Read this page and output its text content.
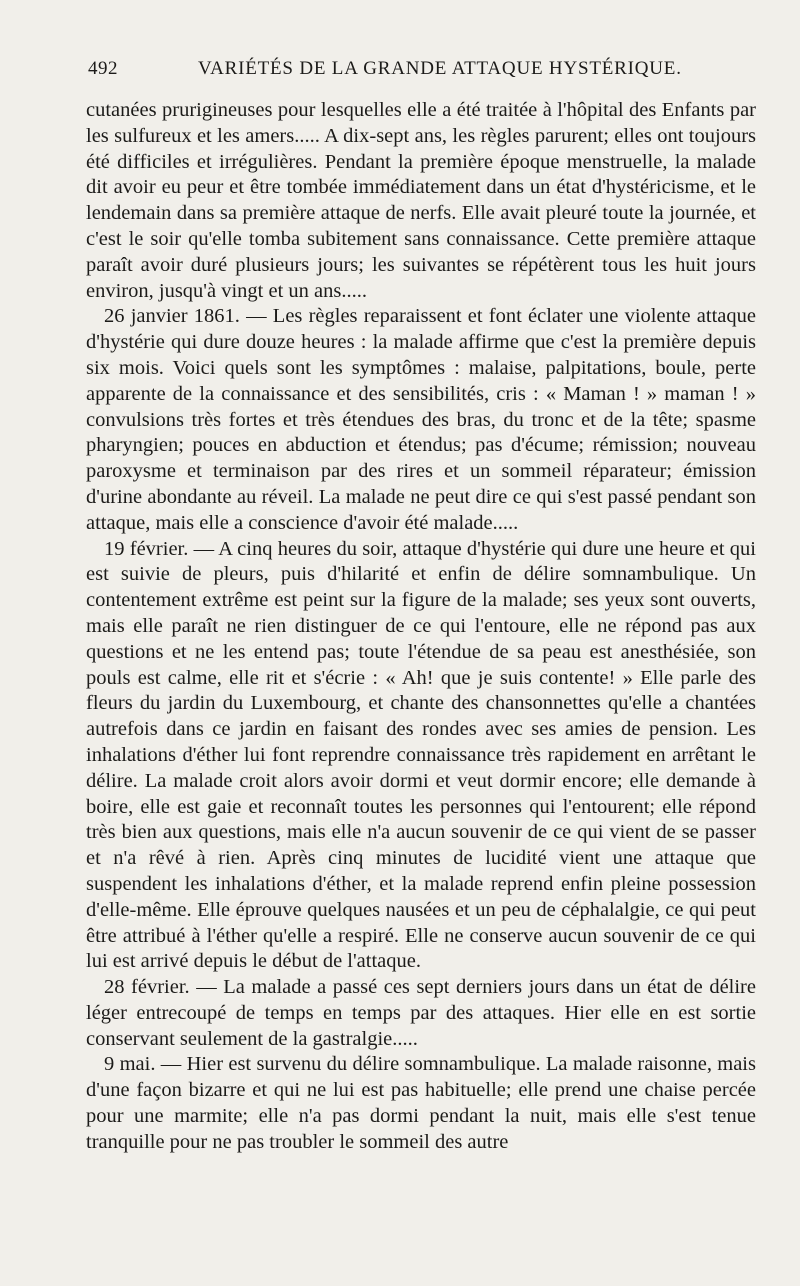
492	VARIÉTÉS DE LA GRANDE ATTAQUE HYSTÉRIQUE.

cutanées prurigineuses pour lesquelles elle a été traitée à l'hôpital des Enfants par les sulfureux et les amers..... A dix-sept ans, les règles parurent; elles ont toujours été difficiles et irrégulières. Pendant la première époque menstruelle, la malade dit avoir eu peur et être tombée immédiatement dans un état d'hystéricisme, et le lendemain dans sa première attaque de nerfs. Elle avait pleuré toute la journée, et c'est le soir qu'elle tomba subitement sans connaissance. Cette première attaque paraît avoir duré plusieurs jours; les suivantes se répétèrent tous les huit jours environ, jusqu'à vingt et un ans.....

26 janvier 1861. — Les règles reparaissent et font éclater une violente attaque d'hystérie qui dure douze heures : la malade affirme que c'est la première depuis six mois. Voici quels sont les symptômes : malaise, palpitations, boule, perte apparente de la connaissance et des sensibilités, cris : « Maman ! » maman ! » convulsions très fortes et très étendues des bras, du tronc et de la tête; spasme pharyngien; pouces en abduction et étendus; pas d'écume; rémission; nouveau paroxysme et terminaison par des rires et un sommeil réparateur; émission d'urine abondante au réveil. La malade ne peut dire ce qui s'est passé pendant son attaque, mais elle a conscience d'avoir été malade.....

19 février. — A cinq heures du soir, attaque d'hystérie qui dure une heure et qui est suivie de pleurs, puis d'hilarité et enfin de délire somnambulique. Un contentement extrême est peint sur la figure de la malade; ses yeux sont ouverts, mais elle paraît ne rien distinguer de ce qui l'entoure, elle ne répond pas aux questions et ne les entend pas; toute l'étendue de sa peau est anesthésiée, son pouls est calme, elle rit et s'écrie : « Ah! que je suis contente! » Elle parle des fleurs du jardin du Luxembourg, et chante des chansonnettes qu'elle a chantées autrefois dans ce jardin en faisant des rondes avec ses amies de pension. Les inhalations d'éther lui font reprendre connaissance très rapidement en arrêtant le délire. La malade croit alors avoir dormi et veut dormir encore; elle demande à boire, elle est gaie et reconnaît toutes les personnes qui l'entourent; elle répond très bien aux questions, mais elle n'a aucun souvenir de ce qui vient de se passer et n'a rêvé à rien. Après cinq minutes de lucidité vient une attaque que suspendent les inhalations d'éther, et la malade reprend enfin pleine possession d'elle-même. Elle éprouve quelques nausées et un peu de céphalalgie, ce qui peut être attribué à l'éther qu'elle a respiré. Elle ne conserve aucun souvenir de ce qui lui est arrivé depuis le début de l'attaque.

28 février. — La malade a passé ces sept derniers jours dans un état de délire léger entrecoupé de temps en temps par des attaques. Hier elle en est sortie conservant seulement de la gastralgie.....

9 mai. — Hier est survenu du délire somnambulique. La malade raisonne, mais d'une façon bizarre et qui ne lui est pas habituelle; elle prend une chaise percée pour une marmite; elle n'a pas dormi pendant la nuit, mais elle s'est tenue tranquille pour ne pas troubler le sommeil des autre
